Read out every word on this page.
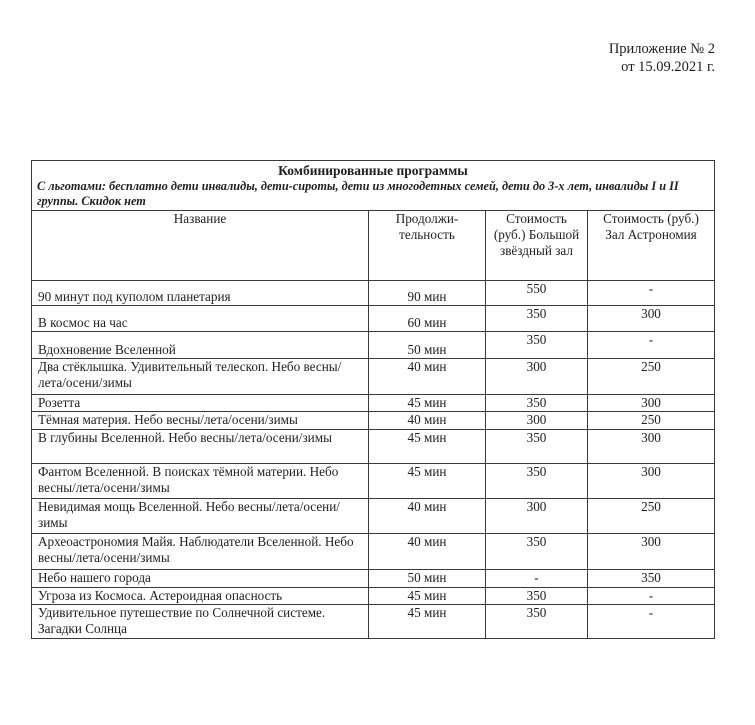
Приложение № 2
от 15.09.2021 г.
Комбинированные программы
С льготами: бесплатно дети инвалиды, дети-сироты, дети из многодетных семей, дети до 3-х лет, инвалиды I и II группы. Скидок нет			

Название	Продолжи-тельность	Стоимость (руб.) Большой звёздный зал	Стоимость (руб.) Зал Астрономия
90 минут под куполом планетария	90 мин	550	-
В космос на час	60 мин	350	300
Вдохновение Вселенной	50 мин	350	-
Два стёклышка. Удивительный телескоп. Небо весны/лета/осени/зимы	40 мин	300	250
Розетта	45 мин	350	300
Тёмная материя. Небо весны/лета/осени/зимы	40 мин	300	250
В глубины Вселенной. Небо весны/лета/осени/зимы	45 мин	350	300
Фантом Вселенной. В поисках тёмной материи. Небо весны/лета/осени/зимы	45 мин	350	300
Невидимая мощь Вселенной. Небо весны/лета/осени/зимы	40 мин	300	250
Археоастрономия Майя. Наблюдатели Вселенной. Небо весны/лета/осени/зимы	40 мин	350	300
Небо нашего города	50 мин	-	350
Угроза из Космоса. Астероидная опасность	45 мин	350	-
Удивительное путешествие по Солнечной системе. Загадки Солнца	45 мин	350	-
